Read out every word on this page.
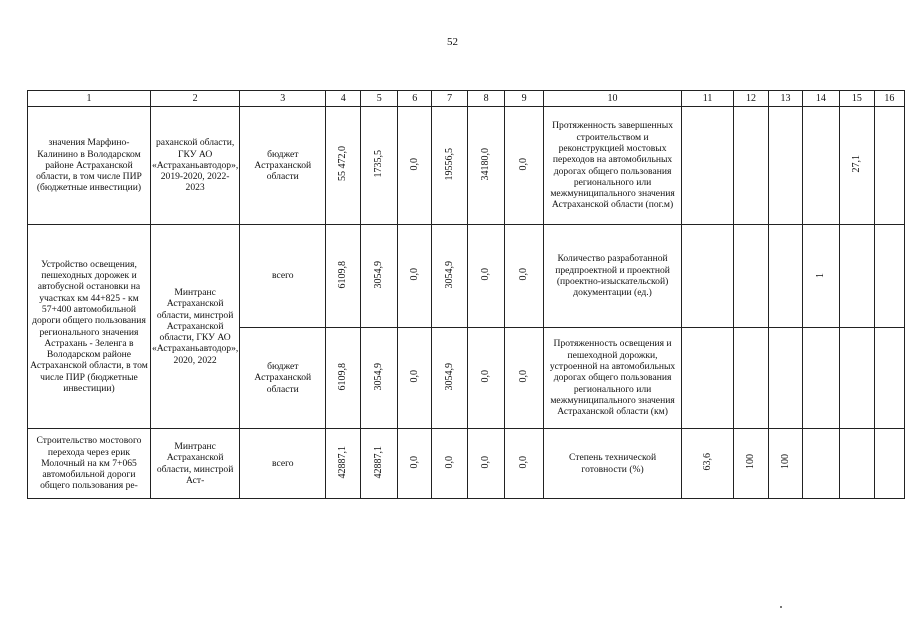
52
1	2	3	4	5	6	7	8	9	10	11	12	13	14	15	16
значения Марфино-Калинино в Володарском районе Астраханской области, в том числе ПИР (бюджетные инвестиции)	раханской области, ГКУ АО «Астраханьавтодор», 2019-2020, 2022-2023	бюджет Астраханской области	55 472,0	1735,5	0,0	19556,5	34180,0	0,0	Протяженность завершенных строительством и реконструкцией мостовых переходов на автомобильных дорогах общего пользования регионального или межмуниципального значения Астраханской области (пог.м)					27,1	
Устройство освещения, пешеходных дорожек и автобусной остановки на участках км 44+825 - км 57+400 автомобильной дороги общего пользования регионального значения Астрахань - Зеленга в Володарском районе Астраханской области, в том числе ПИР (бюджетные инвестиции)	Минтранс Астраханской области, минстрой Астраханской области, ГКУ АО «Астраханьавтодор», 2020, 2022	всего	6109,8	3054,9	0,0	3054,9	0,0	0,0	Количество разработанной предпроектной и проектной (проектно-изыскательской) документации (ед.)				1		
		бюджет Астраханской области	6109,8	3054,9	0,0	3054,9	0,0	0,0	Протяженность освещения и пешеходной дорожки, устроенной на автомобильных дорогах общего пользования регионального или межмуниципального значения Астраханской области (км)						
Строительство мостового перехода через ерик Молочный на км 7+065 автомобильной дороги общего пользования ре-	Минтранс Астраханской области, минстрой Аст-	всего	42887,1	42887,1	0,0	0,0	0,0	0,0	Степень технической готовности (%)	63,6	100	100			
